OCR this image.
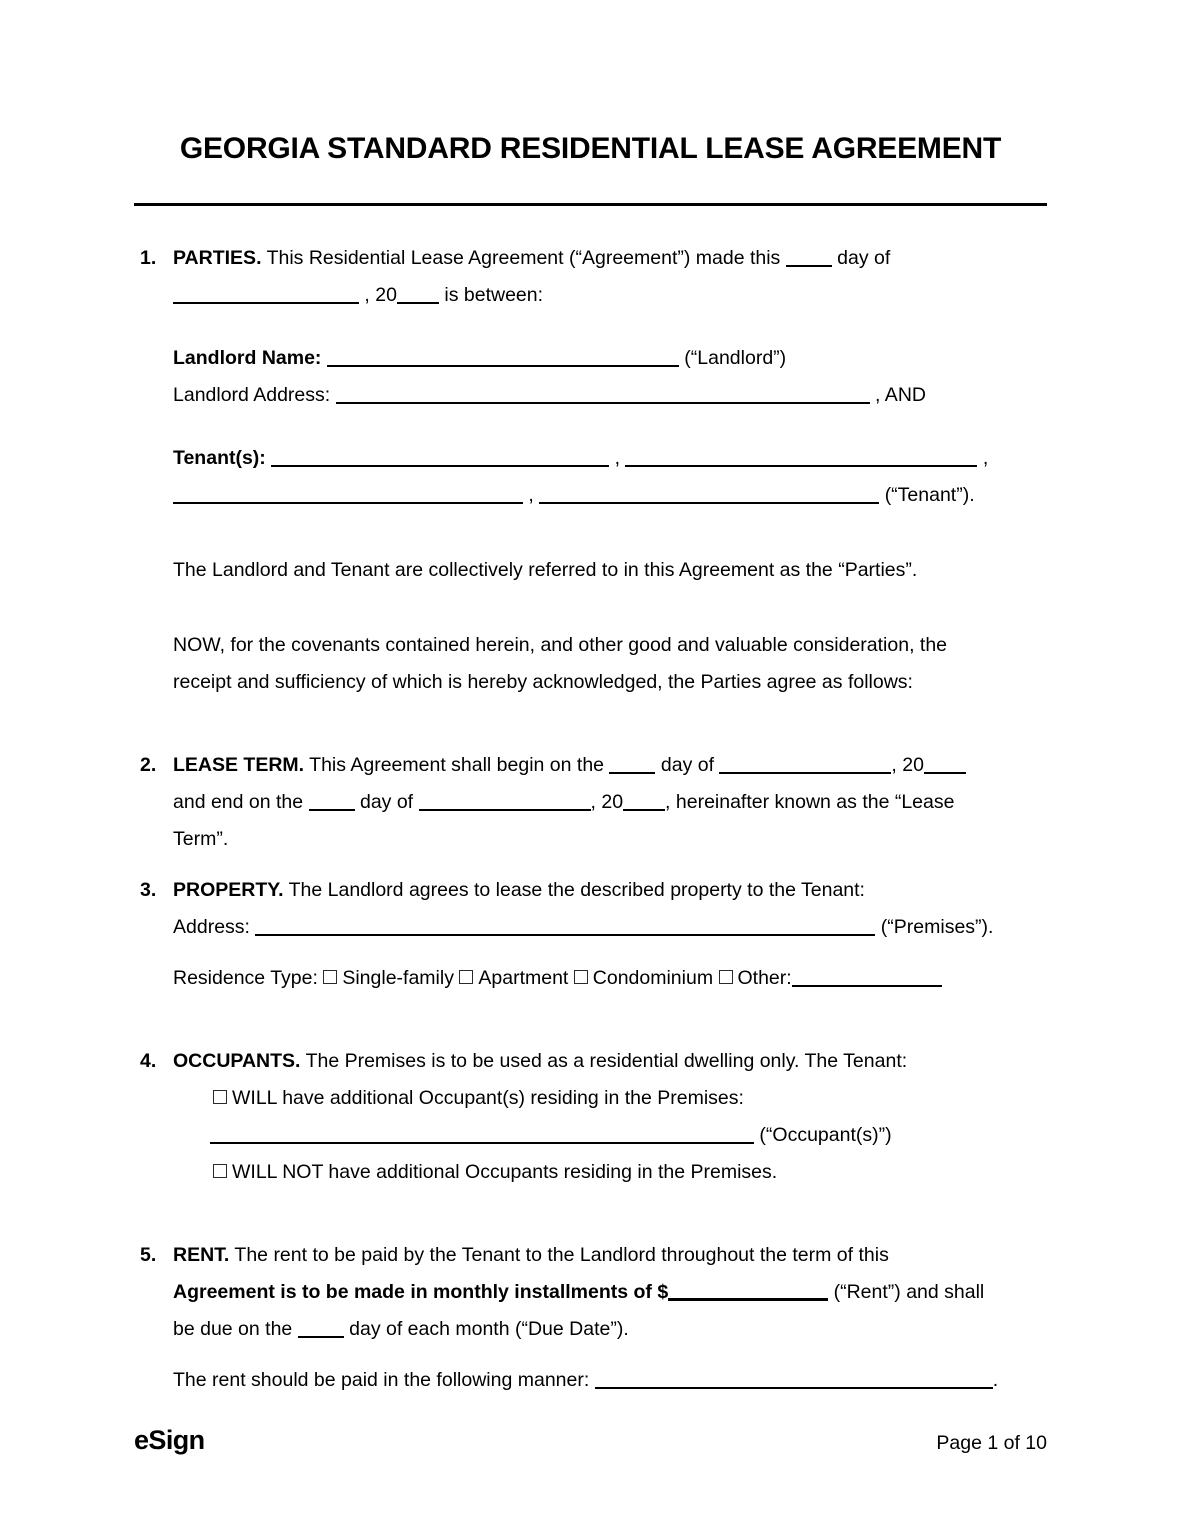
GEORGIA STANDARD RESIDENTIAL LEASE AGREEMENT
1. PARTIES. This Residential Lease Agreement (“Agreement”) made this	day of
, 20 is between:
Landlord Name:	(“Landlord”)
Landlord Address:	, AND
Tenant(s):	,	,
,	(“Tenant”).
The Landlord and Tenant are collectively referred to in this Agreement as the “Parties”.
NOW, for the covenants contained herein, and other good and valuable consideration, the
receipt and sufficiency of which is hereby acknowledged, the Parties agree as follows:
2. LEASE TERM. This Agreement shall begin on the	day of	, 20
and end on the	day of	, 20 , hereinafter known as the “Lease
Term”.
3. PROPERTY. The Landlord agrees to lease the described property to the Tenant:
Address:	(“Premises”).
Residence Type: Single-family Apartment Condominium Other:
4. OCCUPANTS. The Premises is to be used as a residential dwelling only. The Tenant:
WILL have additional Occupant(s) residing in the Premises:
(“Occupant(s)”)
WILL NOT have additional Occupants residing in the Premises.
5. RENT. The rent to be paid by the Tenant to the Landlord throughout the term of this
Agreement is to be made in monthly installments of $	(“Rent”) and shall
be due on the	day of each month (“Due Date”).
The rent should be paid in the following manner:	.
eSign	Page 1 of 10
